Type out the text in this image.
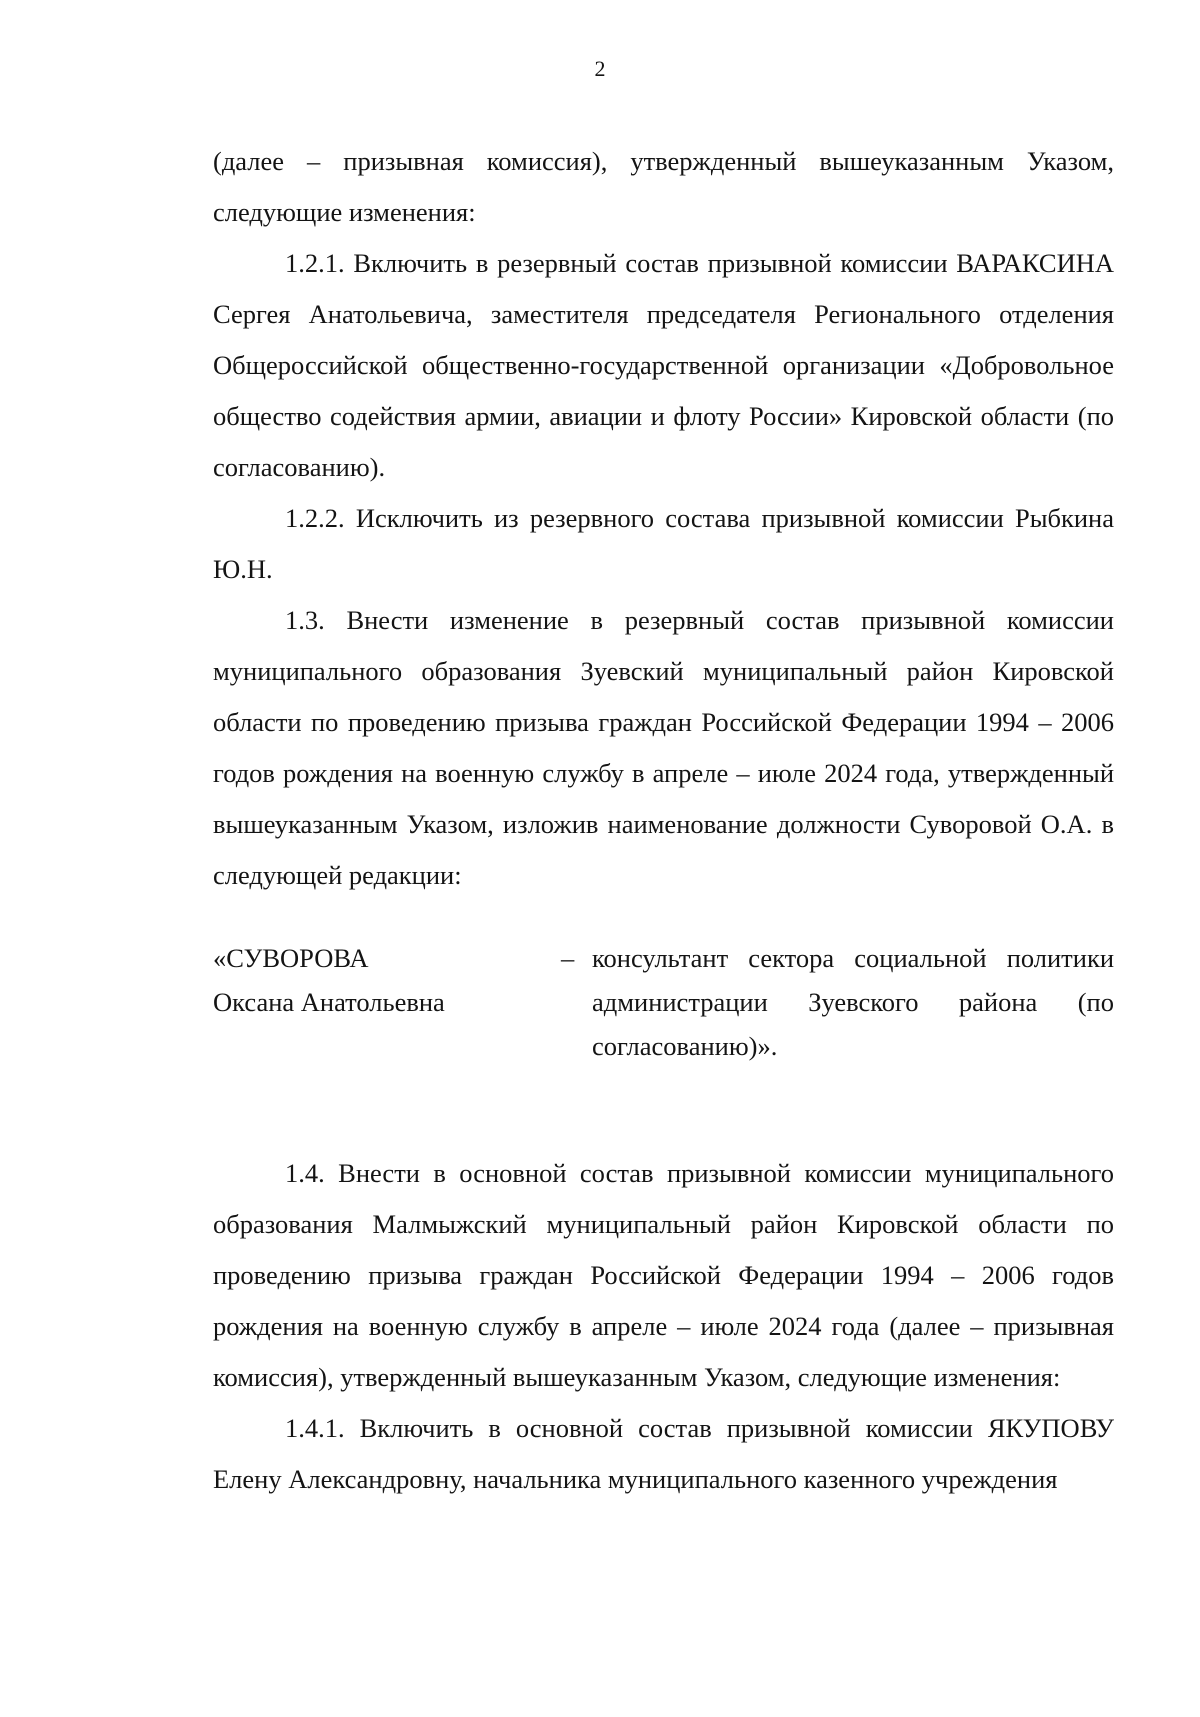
2

(далее – призывная комиссия), утвержденный вышеуказанным Указом, следующие изменения:

1.2.1. Включить в резервный состав призывной комиссии ВАРАКСИНА Сергея Анатольевича, заместителя председателя Регионального отделения Общероссийской общественно-государственной организации «Добровольное общество содействия армии, авиации и флоту России» Кировской области (по согласованию).

1.2.2. Исключить из резервного состава призывной комиссии Рыбкина Ю.Н.

1.3. Внести изменение в резервный состав призывной комиссии муниципального образования Зуевский муниципальный район Кировской области по проведению призыва граждан Российской Федерации 1994 – 2006 годов рождения на военную службу в апреле – июле 2024 года, утвержденный вышеуказанным Указом, изложив наименование должности Суворовой О.А. в следующей редакции:

«СУВОРОВА
Оксана Анатольевна
– консультант сектора социальной политики администрации Зуевского района (по согласованию)».

1.4. Внести в основной состав призывной комиссии муниципального образования Малмыжский муниципальный район Кировской области по проведению призыва граждан Российской Федерации 1994 – 2006 годов рождения на военную службу в апреле – июле 2024 года (далее – призывная комиссия), утвержденный вышеуказанным Указом, следующие изменения:

1.4.1. Включить в основной состав призывной комиссии ЯКУПОВУ Елену Александровну, начальника муниципального казенного учреждения
